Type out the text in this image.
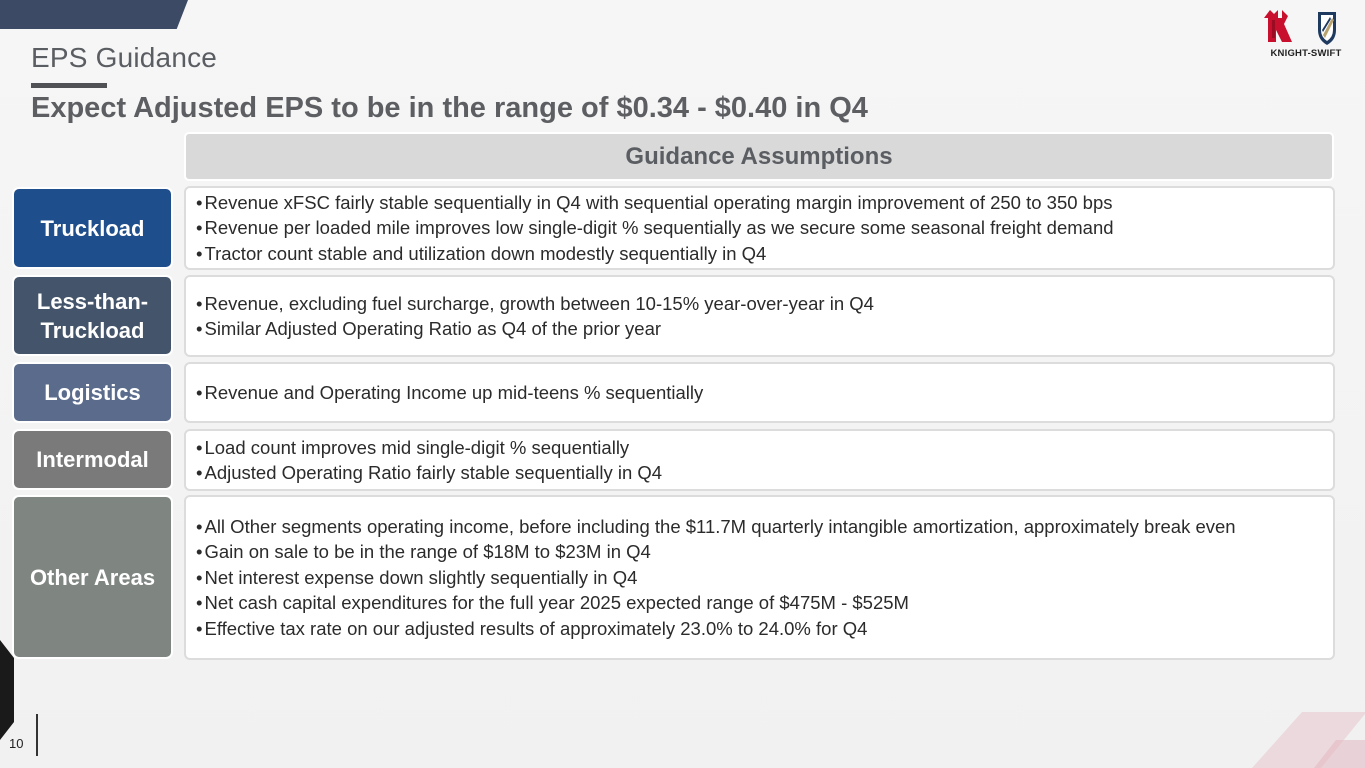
EPS Guidance
Expect Adjusted EPS to be in the range of $0.34 - $0.40 in Q4
KNIGHT-SWIFT
Guidance Assumptions
Truckload
• Revenue xFSC fairly stable sequentially in Q4 with sequential operating margin improvement of 250 to 350 bps
• Revenue per loaded mile improves low single-digit % sequentially as we secure some seasonal freight demand
• Tractor count stable and utilization down modestly sequentially in Q4
Less-than-
Truckload
• Revenue, excluding fuel surcharge, growth between 10-15% year-over-year in Q4
• Similar Adjusted Operating Ratio as Q4 of the prior year
Logistics	• Revenue and Operating Income up mid-teens % sequentially
Intermodal	• Load count improves mid single-digit % sequentially
• Adjusted Operating Ratio fairly stable sequentially in Q4
Other Areas
• All Other segments operating income, before including the $11.7M quarterly intangible amortization, approximately break even
• Gain on sale to be in the range of $18M to $23M in Q4
• Net interest expense down slightly sequentially in Q4
• Net cash capital expenditures for the full year 2025 expected range of $475M - $525M
• Effective tax rate on our adjusted results of approximately 23.0% to 24.0% for Q4
10
